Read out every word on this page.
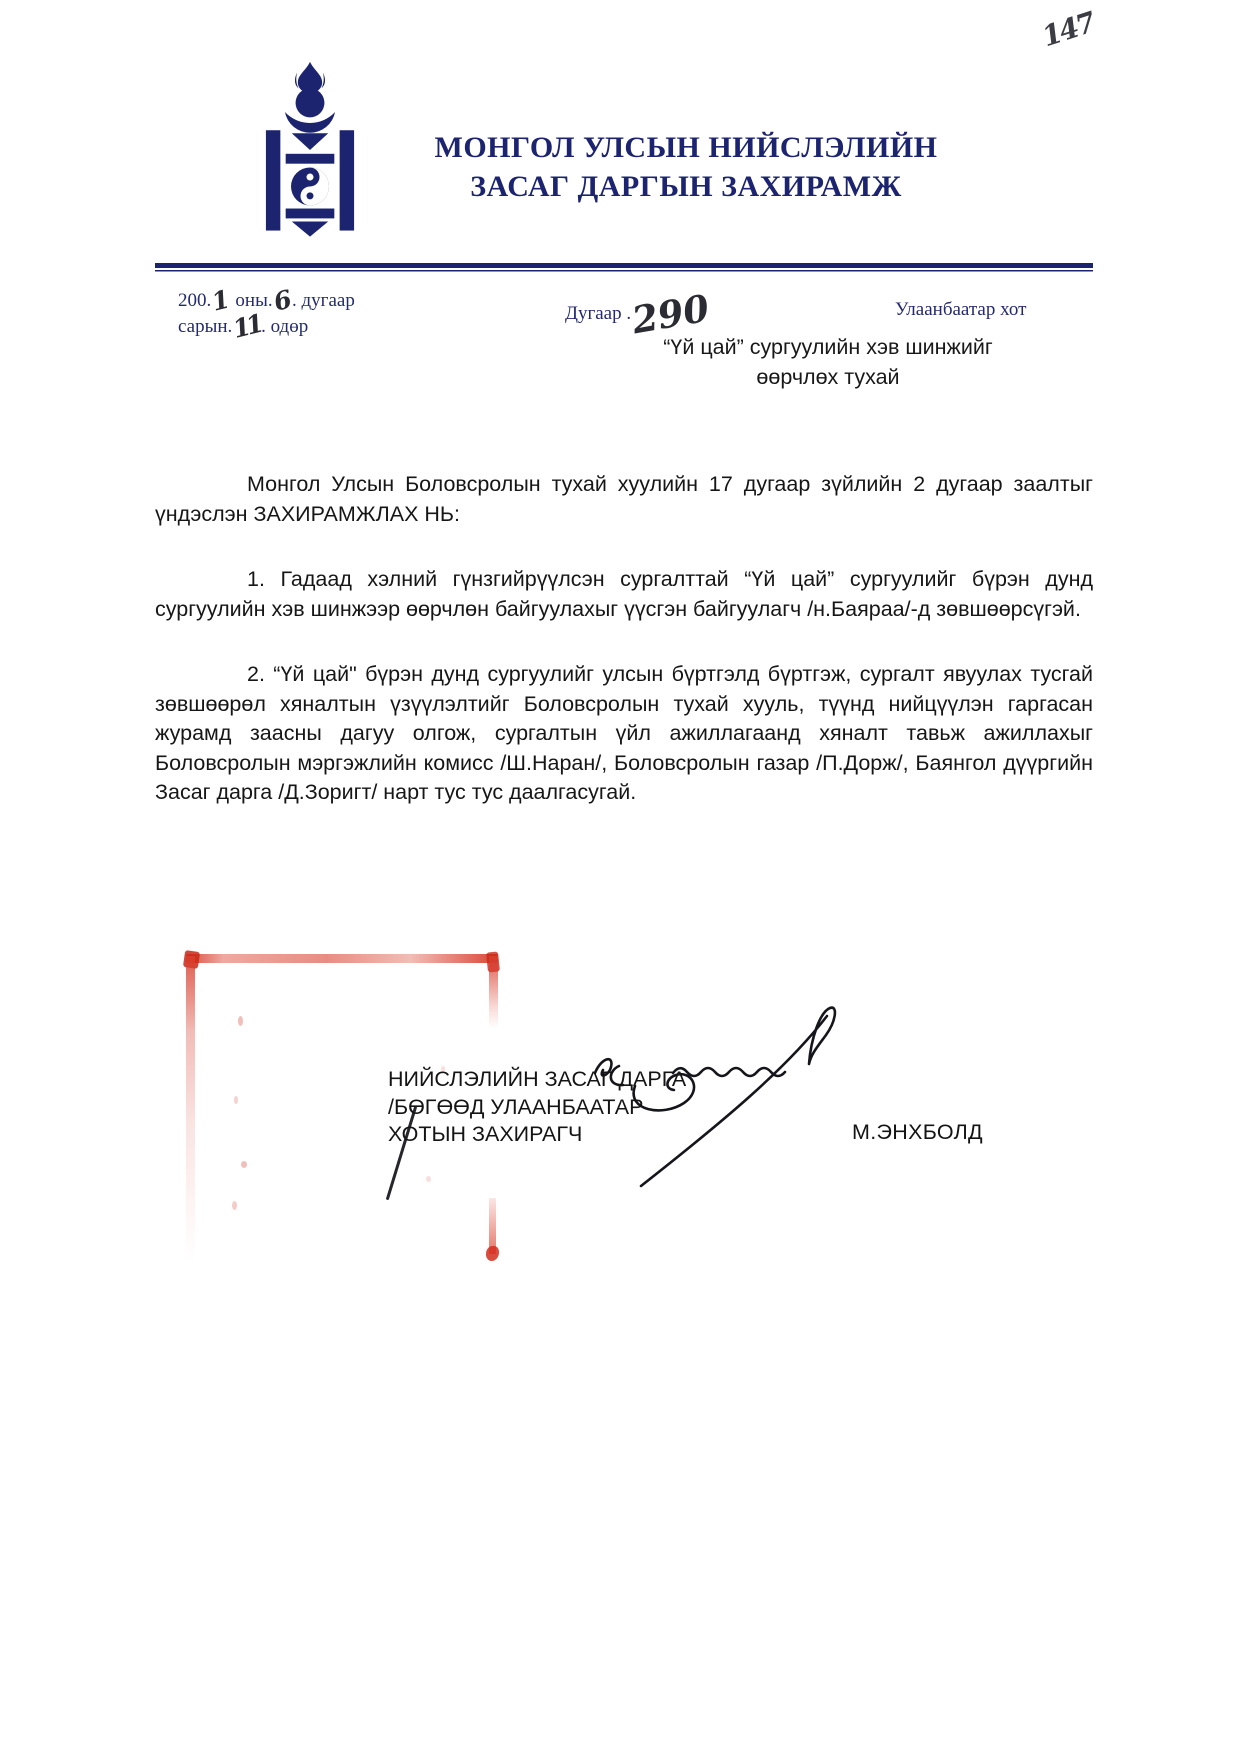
147
МОНГОЛ УЛСЫН НИЙСЛЭЛИЙН
ЗАСАГ ДАРГЫН ЗАХИРАМЖ
200.1 оны.6. дугаар
сарын.11. одөр
Дугаар . 290	Улаанбаатар хот
“Үй цай” сургуулийн хэв шинжийг
өөрчлөх тухай

Монгол Улсын Боловсролын тухай хуулийн 17 дугаар зүйлийн 2 дугаар заалтыг үндэслэн ЗАХИРАМЖЛАХ НЬ:

1. Гадаад хэлний гүнзгийрүүлсэн сургалттай “Үй цай” сургуулийг бүрэн дунд сургуулийн хэв шинжээр өөрчлөн байгуулахыг үүсгэн байгуулагч /н.Баяраа/-д зөвшөөрсүгэй.

2. “Үй цай" бүрэн дунд сургуулийг улсын бүртгэлд бүртгэж, сургалт явуулах тусгай зөвшөөрөл хяналтын үзүүлэлтийг Боловсролын тухай хууль, түүнд нийцүүлэн гаргасан журамд заасны дагуу олгож, сургалтын үйл ажиллагаанд хяналт тавьж ажиллахыг Боловсролын мэргэжлийн комисс /Ш.Наран/, Боловсролын газар /П.Дорж/, Баянгол дүүргийн Засаг дарга /Д.Зоригт/ нарт тус тус даалгасугай.

НИЙСЛЭЛИЙН ЗАСАГ ДАРГА
/БӨГӨӨД УЛААНБААТАР
ХОТЫН ЗАХИРАГЧ	М.ЭНХБОЛД
